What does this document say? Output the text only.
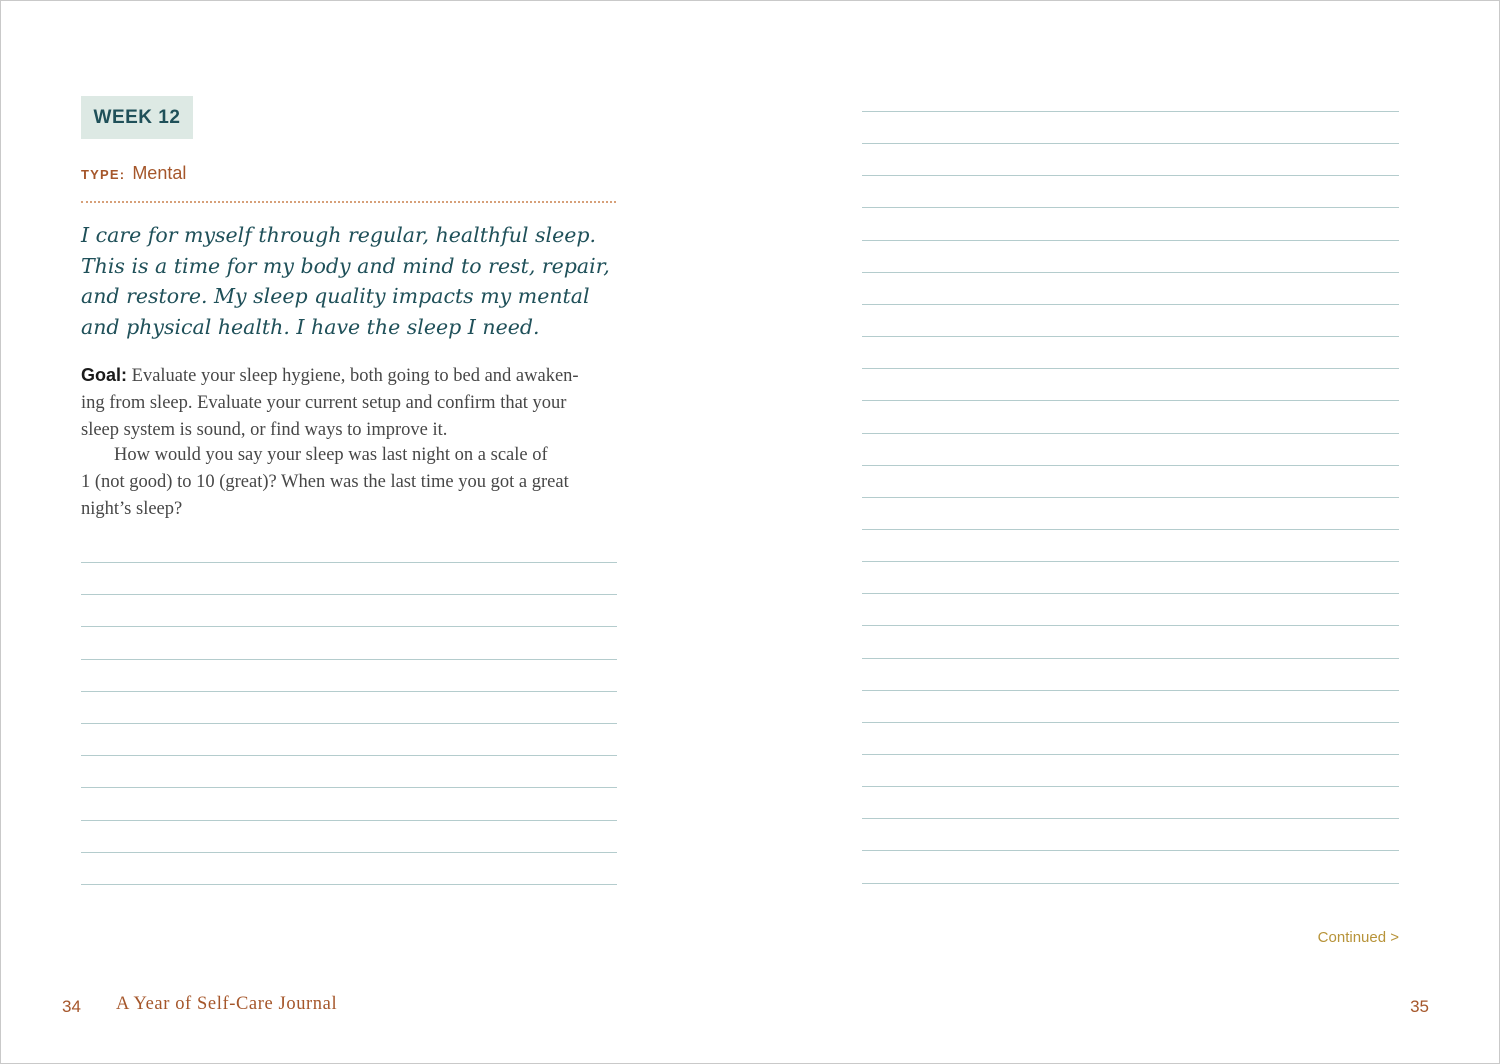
WEEK 12
TYPE: Mental

I care for myself through regular, healthful sleep.
This is a time for my body and mind to rest, repair,
and restore. My sleep quality impacts my mental
and physical health. I have the sleep I need.

Goal: Evaluate your sleep hygiene, both going to bed and awaken-
ing from sleep. Evaluate your current setup and confirm that your
sleep system is sound, or find ways to improve it.

How would you say your sleep was last night on a scale of
1 (not good) to 10 (great)? When was the last time you got a great
night’s sleep?

34 A Year of Self-Care Journal
Continued >
35
